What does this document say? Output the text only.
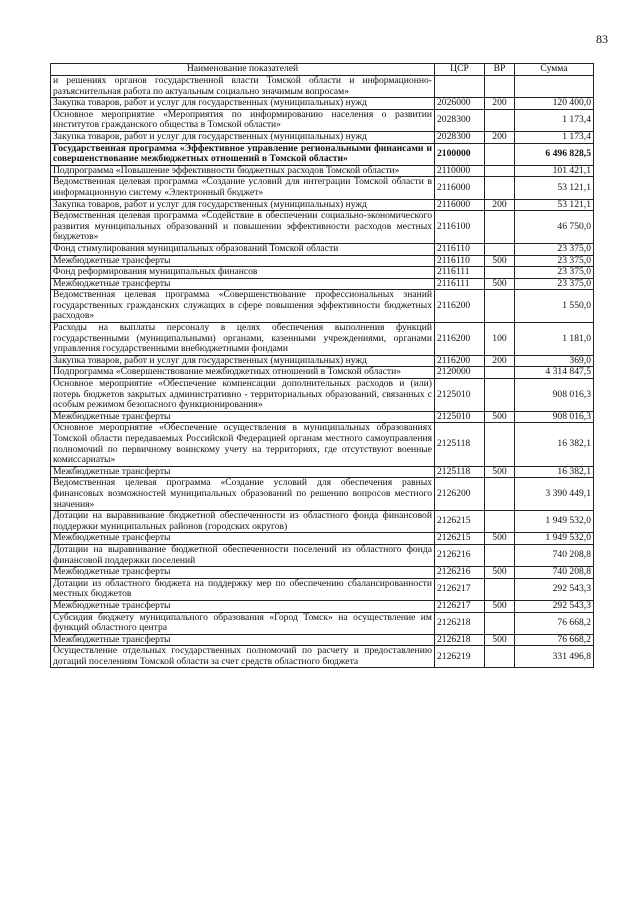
83
Наименование показателей	ЦСР	ВР	Сумма
и решениях органов государственной власти Томской области и информационно-разъяснительная работа по актуальным социально значимым вопросам»			
Закупка товаров, работ и услуг для государственных (муниципальных) нужд	2026000	200	120 400,0
Основное мероприятие «Мероприятия по информированию населения о развитии институтов гражданского общества в Томской области»	2028300		1 173,4
Закупка товаров, работ и услуг для государственных (муниципальных) нужд	2028300	200	1 173,4
Государственная программа «Эффективное управление региональными финансами и совершенствование межбюджетных отношений в Томской области»	2100000		6 496 828,5
Подпрограмма «Повышение эффективности бюджетных расходов Томской области»	2110000		101 421,1
Ведомственная целевая программа «Создание условий для интеграции Томской области в информационную систему «Электронный бюджет»	2116000		53 121,1
Закупка товаров, работ и услуг для государственных (муниципальных) нужд	2116000	200	53 121,1
Ведомственная целевая программа «Содействие в обеспечении социально-экономического развития муниципальных образований и повышении эффективности расходов местных бюджетов»	2116100		46 750,0
Фонд стимулирования муниципальных образований Томской области	2116110		23 375,0
Межбюджетные трансферты	2116110	500	23 375,0
Фонд реформирования муниципальных финансов	2116111		23 375,0
Межбюджетные трансферты	2116111	500	23 375,0
Ведомственная целевая программа «Совершенствование профессиональных знаний государственных гражданских служащих в сфере повышения эффективности бюджетных расходов»	2116200		1 550,0
Расходы на выплаты персоналу в целях обеспечения выполнения функций государственными (муниципальными) органами, казенными учреждениями, органами управления государственными внебюджетными фондами	2116200	100	1 181,0
Закупка товаров, работ и услуг для государственных (муниципальных) нужд	2116200	200	369,0
Подпрограмма «Совершенствование межбюджетных отношений в Томской области»	2120000		4 314 847,5
Основное мероприятие «Обеспечение компенсации дополнительных расходов и (или) потерь бюджетов закрытых административно - территориальных образований, связанных с особым режимом безопасного функционирования»	2125010		908 016,3
Межбюджетные трансферты	2125010	500	908 016,3
Основное мероприятие «Обеспечение осуществления в муниципальных образованиях Томской области передаваемых Российской Федерацией органам местного самоуправления полномочий по первичному воинскому учету на территориях, где отсутствуют военные комиссариаты»	2125118		16 382,1
Межбюджетные трансферты	2125118	500	16 382,1
Ведомственная целевая программа «Создание условий для обеспечения равных финансовых возможностей муниципальных образований по решению вопросов местного значения»	2126200		3 390 449,1
Дотации на выравнивание бюджетной обеспеченности из областного фонда финансовой поддержки муниципальных районов (городских округов)	2126215		1 949 532,0
Межбюджетные трансферты	2126215	500	1 949 532,0
Дотации на выравнивание бюджетной обеспеченности поселений из областного фонда финансовой поддержки поселений	2126216		740 208,8
Межбюджетные трансферты	2126216	500	740 208,8
Дотации из областного бюджета на поддержку мер по обеспечению сбалансированности местных бюджетов	2126217		292 543,3
Межбюджетные трансферты	2126217	500	292 543,3
Субсидия бюджету муниципального образования «Город Томск» на осуществление им функций областного центра	2126218		76 668,2
Межбюджетные трансферты	2126218	500	76 668,2
Осуществление отдельных государственных полномочий по расчету и предоставлению дотаций поселениям Томской области за счет средств областного бюджета	2126219		331 496,8
